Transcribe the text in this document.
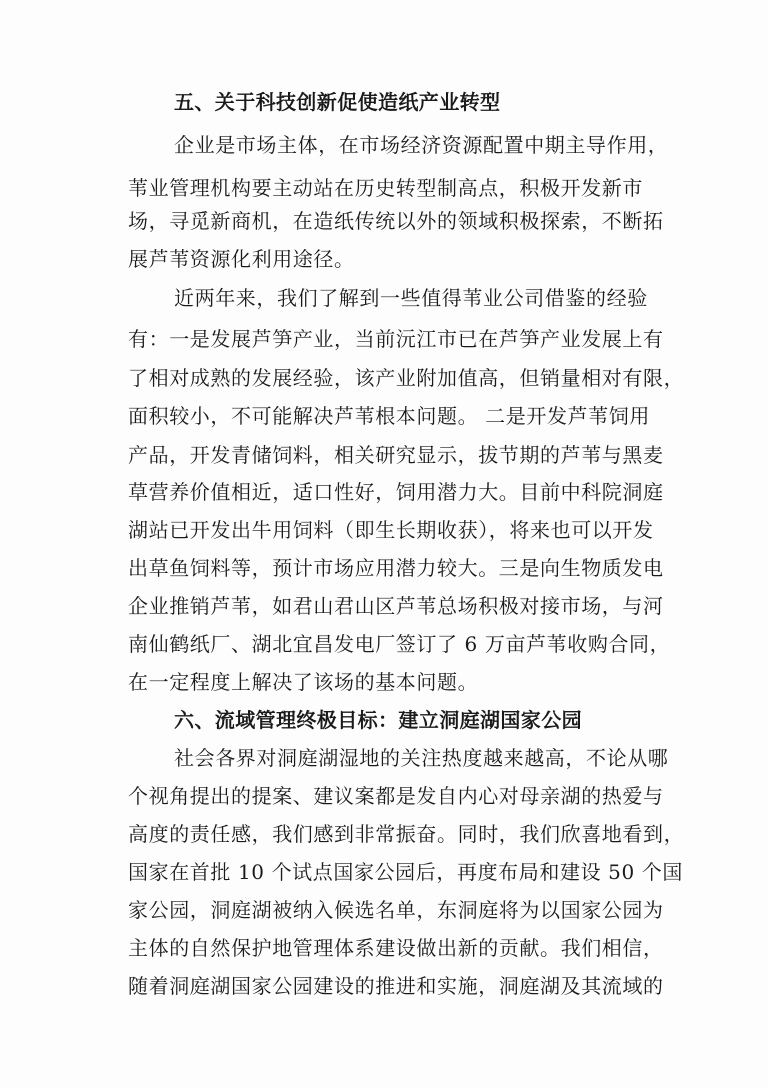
五、关于科技创新促使造纸产业转型
企业是市场主体，在市场经济资源配置中期主导作用，
苇业管理机构要主动站在历史转型制高点，积极开发新市
场，寻觅新商机，在造纸传统以外的领域积极探索，不断拓
展芦苇资源化利用途径。
近两年来，我们了解到一些值得苇业公司借鉴的经验
有：一是发展芦笋产业，当前沅江市已在芦笋产业发展上有
了相对成熟的发展经验，该产业附加值高，但销量相对有限，
面积较小，不可能解决芦苇根本问题。 二是开发芦苇饲用
产品，开发青储饲料，相关研究显示，拔节期的芦苇与黑麦
草营养价值相近，适口性好，饲用潜力大。目前中科院洞庭
湖站已开发出牛用饲料（即生长期收获），将来也可以开发
出草鱼饲料等，预计市场应用潜力较大。三是向生物质发电
企业推销芦苇，如君山君山区芦苇总场积极对接市场，与河
南仙鹤纸厂、湖北宜昌发电厂签订了 6 万亩芦苇收购合同，
在一定程度上解决了该场的基本问题。
六、流域管理终极目标：建立洞庭湖国家公园
社会各界对洞庭湖湿地的关注热度越来越高，不论从哪
个视角提出的提案、建议案都是发自内心对母亲湖的热爱与
高度的责任感，我们感到非常振奋。同时，我们欣喜地看到，
国家在首批 10 个试点国家公园后，再度布局和建设 50 个国
家公园，洞庭湖被纳入候选名单，东洞庭将为以国家公园为
主体的自然保护地管理体系建设做出新的贡献。我们相信，
随着洞庭湖国家公园建设的推进和实施，洞庭湖及其流域的
